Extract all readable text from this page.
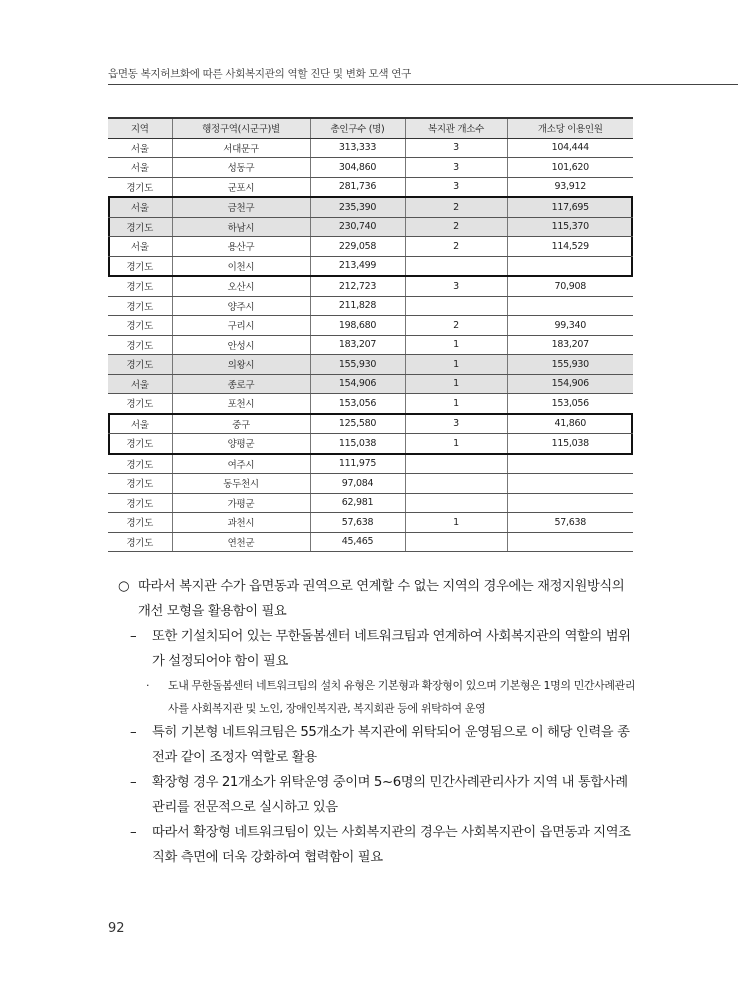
읍면동 복지허브화에 따른 사회복지관의 역할 진단 및 변화 모색 연구
지역	행정구역(시군구)별	총인구수 (명)	복지관 개소수	개소당 이용인원
서울	서대문구	313,333	3	104,444
서울	성동구	304,860	3	101,620
경기도	군포시	281,736	3	93,912
서울	금천구	235,390	2	117,695
경기도	하남시	230,740	2	115,370
서울	용산구	229,058	2	114,529
경기도	이천시	213,499		
경기도	오산시	212,723	3	70,908
경기도	양주시	211,828		
경기도	구리시	198,680	2	99,340
경기도	안성시	183,207	1	183,207
경기도	의왕시	155,930	1	155,930
서울	종로구	154,906	1	154,906
경기도	포천시	153,056	1	153,056
서울	중구	125,580	3	41,860
경기도	양평군	115,038	1	115,038
경기도	여주시	111,975		
경기도	동두천시	97,084		
경기도	가평군	62,981		
경기도	과천시	57,638	1	57,638
경기도	연천군	45,465		
○ 따라서 복지관 수가 읍면동과 권역으로 연계할 수 없는 지역의 경우에는 재정지원방식의 개선 모형을 활용함이 필요
– 또한 기설치되어 있는 무한돌봄센터 네트워크팀과 연계하여 사회복지관의 역할의 범위가 설정되어야 함이 필요
· 도내 무한돌봄센터 네트워크팀의 설치 유형은 기본형과 확장형이 있으며 기본형은 1명의 민간사례관리사를 사회복지관 및 노인, 장애인복지관, 복지회관 등에 위탁하여 운영
– 특히 기본형 네트워크팀은 55개소가 복지관에 위탁되어 운영됨으로 이 해당 인력을 종전과 같이 조정자 역할로 활용
– 확장형 경우 21개소가 위탁운영 중이며 5~6명의 민간사례관리사가 지역 내 통합사례관리를 전문적으로 실시하고 있음
– 따라서 확장형 네트워크팀이 있는 사회복지관의 경우는 사회복지관이 읍면동과 지역조직화 측면에 더욱 강화하여 협력함이 필요
92
